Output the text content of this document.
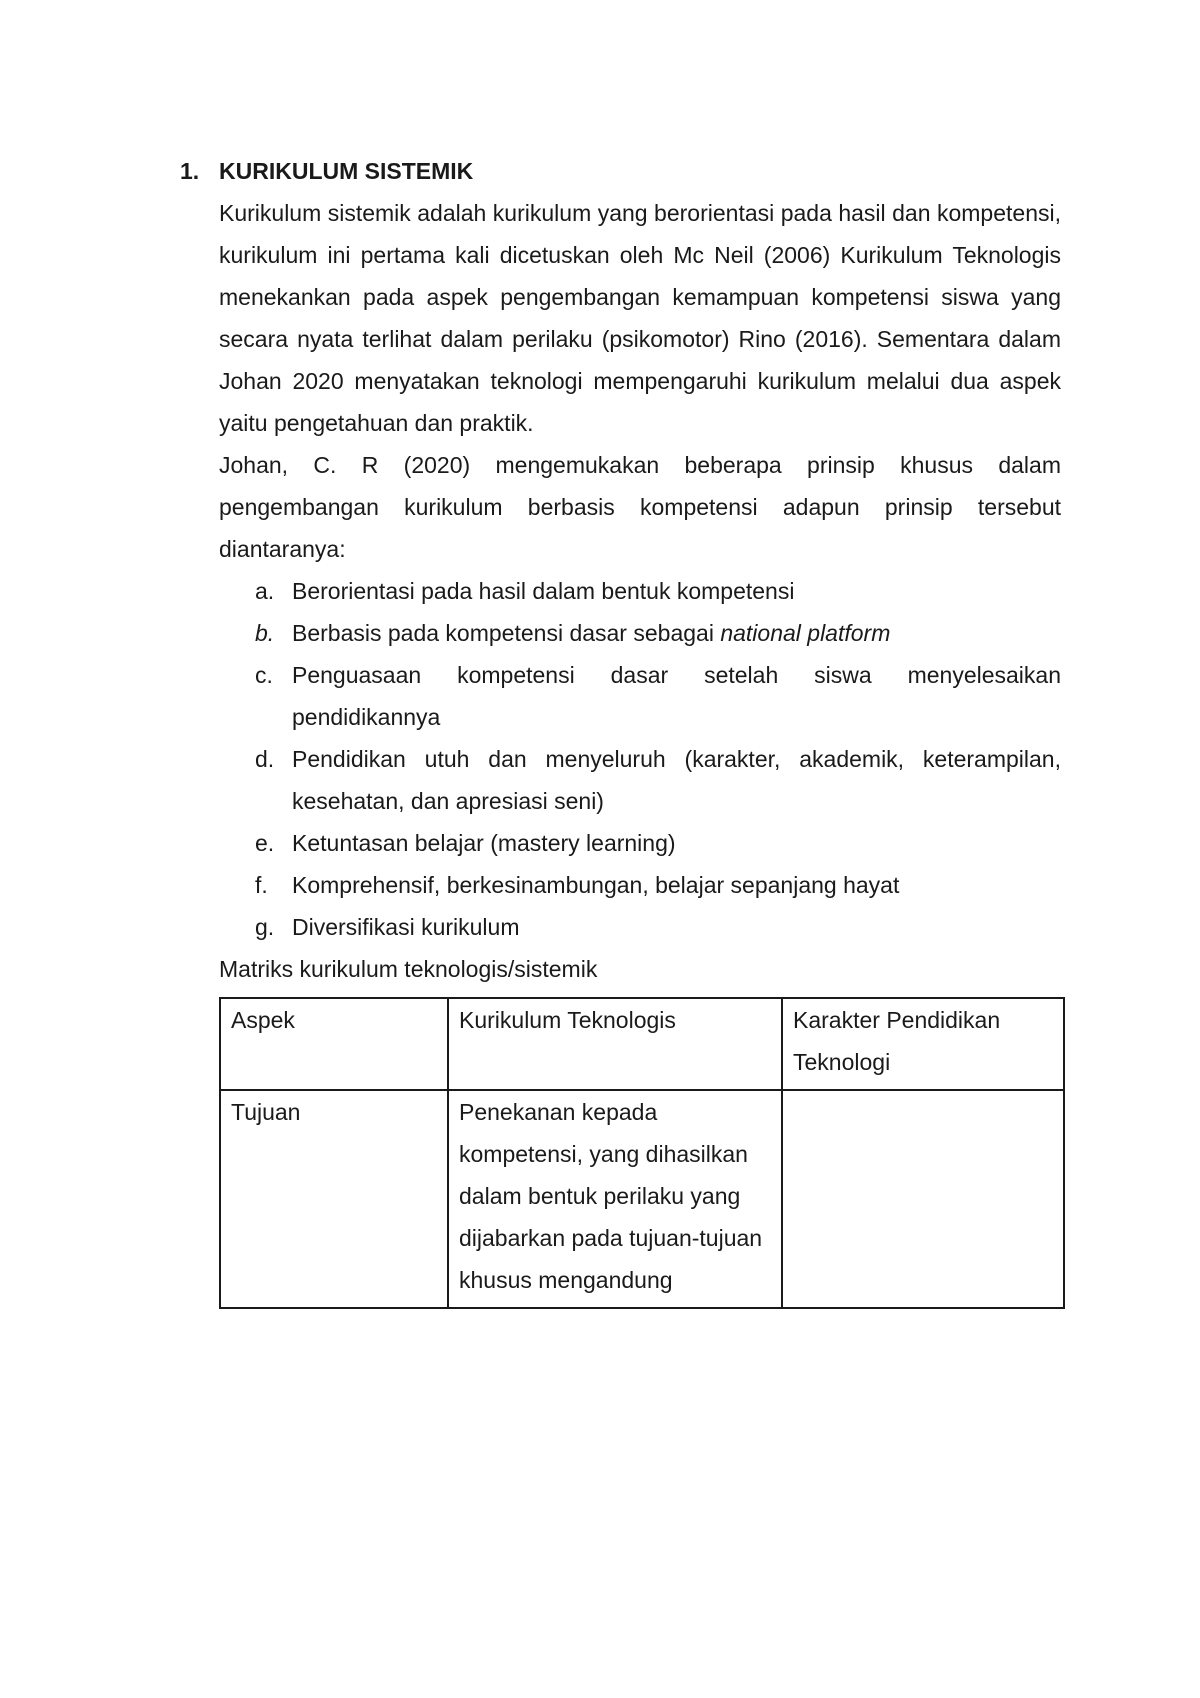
1. KURIKULUM SISTEMIK

Kurikulum sistemik adalah kurikulum yang berorientasi pada hasil dan kompetensi, kurikulum ini pertama kali dicetuskan oleh Mc Neil (2006) Kurikulum Teknologis menekankan pada aspek pengembangan kemampuan kompetensi siswa yang secara nyata terlihat dalam perilaku (psikomotor) Rino (2016). Sementara dalam Johan 2020 menyatakan teknologi mempengaruhi kurikulum melalui dua aspek yaitu pengetahuan dan praktik.

Johan, C. R (2020) mengemukakan beberapa prinsip khusus dalam pengembangan kurikulum berbasis kompetensi adapun prinsip tersebut diantaranya:

a. Berorientasi pada hasil dalam bentuk kompetensi
b. Berbasis pada kompetensi dasar sebagai national platform
c. Penguasaan kompetensi dasar setelah siswa menyelesaikan pendidikannya
d. Pendidikan utuh dan menyeluruh (karakter, akademik, keterampilan, kesehatan, dan apresiasi seni)
e. Ketuntasan belajar (mastery learning)
f. Komprehensif, berkesinambungan, belajar sepanjang hayat
g. Diversifikasi kurikulum

Matriks kurikulum teknologis/sistemik

Aspek	Kurikulum Teknologis	Karakter Pendidikan Teknologi
Tujuan	Penekanan kepada kompetensi, yang dihasilkan dalam bentuk perilaku yang dijabarkan pada tujuan-tujuan khusus mengandung	
